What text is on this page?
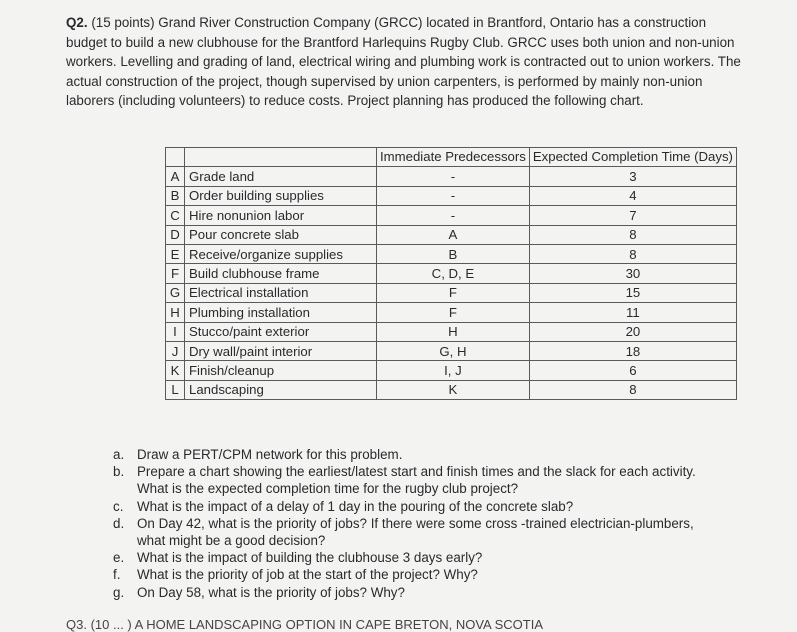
Q2. (15 points) Grand River Construction Company (GRCC) located in Brantford, Ontario has a construction budget to build a new clubhouse for the Brantford Harlequins Rugby Club. GRCC uses both union and non-union workers. Levelling and grading of land, electrical wiring and plumbing work is contracted out to union workers. The actual construction of the project, though supervised by union carpenters, is performed by mainly non-union laborers (including volunteers) to reduce costs. Project planning has produced the following chart.
		Immediate Predecessors	Expected Completion Time (Days)
A	Grade land	-	3
B	Order building supplies	-	4
C	Hire nonunion labor	-	7
D	Pour concrete slab	A	8
E	Receive/organize supplies	B	8
F	Build clubhouse frame	C, D, E	30
G	Electrical installation	F	15
H	Plumbing installation	F	11
I	Stucco/paint exterior	H	20
J	Dry wall/paint interior	G, H	18
K	Finish/cleanup	I, J	6
L	Landscaping	K	8
a. Draw a PERT/CPM network for this problem.
b. Prepare a chart showing the earliest/latest start and finish times and the slack for each activity. What is the expected completion time for the rugby club project?
c.	What is the impact of a delay of 1 day in the pouring of the concrete slab?
d. On Day 42, what is the priority of jobs? If there were some cross -trained electrician-plumbers, what might be a good decision?
e. What is the impact of building the clubhouse 3 days early?
f.	What is the priority of job at the start of the project? Why?
g. On Day 58, what is the priority of jobs? Why?
Q3. (10 ... ) A HOME LANDSCAPING OPTION IN CAPE BRETON, NOVA SCOTIA
